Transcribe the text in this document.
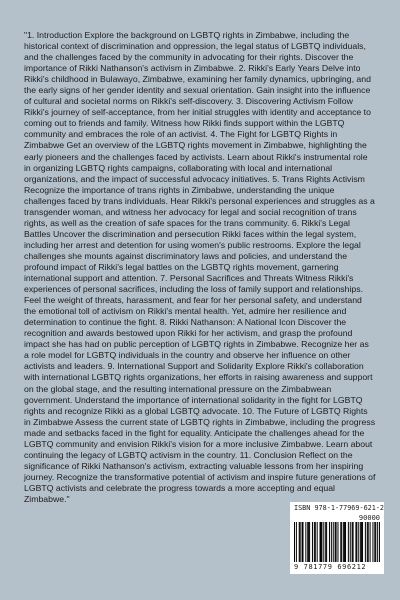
"1. Introduction Explore the background on LGBTQ rights in Zimbabwe, including the historical context of discrimination and oppression, the legal status of LGBTQ individuals, and the challenges faced by the community in advocating for their rights. Discover the importance of Rikki Nathanson's activism in Zimbabwe. 2. Rikki's Early Years Delve into Rikki's childhood in Bulawayo, Zimbabwe, examining her family dynamics, upbringing, and the early signs of her gender identity and sexual orientation. Gain insight into the influence of cultural and societal norms on Rikki's self-discovery. 3. Discovering Activism Follow Rikki's journey of self-acceptance, from her initial struggles with identity and acceptance to coming out to friends and family. Witness how Rikki finds support within the LGBTQ community and embraces the role of an activist. 4. The Fight for LGBTQ Rights in Zimbabwe Get an overview of the LGBTQ rights movement in Zimbabwe, highlighting the early pioneers and the challenges faced by activists. Learn about Rikki's instrumental role in organizing LGBTQ rights campaigns, collaborating with local and international organizations, and the impact of successful advocacy initiatives. 5. Trans Rights Activism Recognize the importance of trans rights in Zimbabwe, understanding the unique challenges faced by trans individuals. Hear Rikki's personal experiences and struggles as a transgender woman, and witness her advocacy for legal and social recognition of trans rights, as well as the creation of safe spaces for the trans community. 6. Rikki's Legal Battles Uncover the discrimination and persecution Rikki faces within the legal system, including her arrest and detention for using women's public restrooms. Explore the legal challenges she mounts against discriminatory laws and policies, and understand the profound impact of Rikki's legal battles on the LGBTQ rights movement, garnering international support and attention. 7. Personal Sacrifices and Threats Witness Rikki's experiences of personal sacrifices, including the loss of family support and relationships. Feel the weight of threats, harassment, and fear for her personal safety, and understand the emotional toll of activism on Rikki's mental health. Yet, admire her resilience and determination to continue the fight. 8. Rikki Nathanson: A National Icon Discover the recognition and awards bestowed upon Rikki for her activism, and grasp the profound impact she has had on public perception of LGBTQ rights in Zimbabwe. Recognize her as a role model for LGBTQ individuals in the country and observe her influence on other activists and leaders. 9. International Support and Solidarity Explore Rikki's collaboration with international LGBTQ rights organizations, her efforts in raising awareness and support on the global stage, and the resulting international pressure on the Zimbabwean government. Understand the importance of international solidarity in the fight for LGBTQ rights and recognize Rikki as a global LGBTQ advocate. 10. The Future of LGBTQ Rights in Zimbabwe Assess the current state of LGBTQ rights in Zimbabwe, including the progress made and setbacks faced in the fight for equality. Anticipate the challenges ahead for the LGBTQ community and envision Rikki's vision for a more inclusive Zimbabwe. Learn about continuing the legacy of LGBTQ activism in the country. 11. Conclusion Reflect on the significance of Rikki Nathanson's activism, extracting valuable lessons from her inspiring journey. Recognize the transformative potential of activism and inspire future generations of LGBTQ activists and celebrate the progress towards a more accepting and equal Zimbabwe."

ISBN 978-1-77969-621-2
90000
9 781779 696212
